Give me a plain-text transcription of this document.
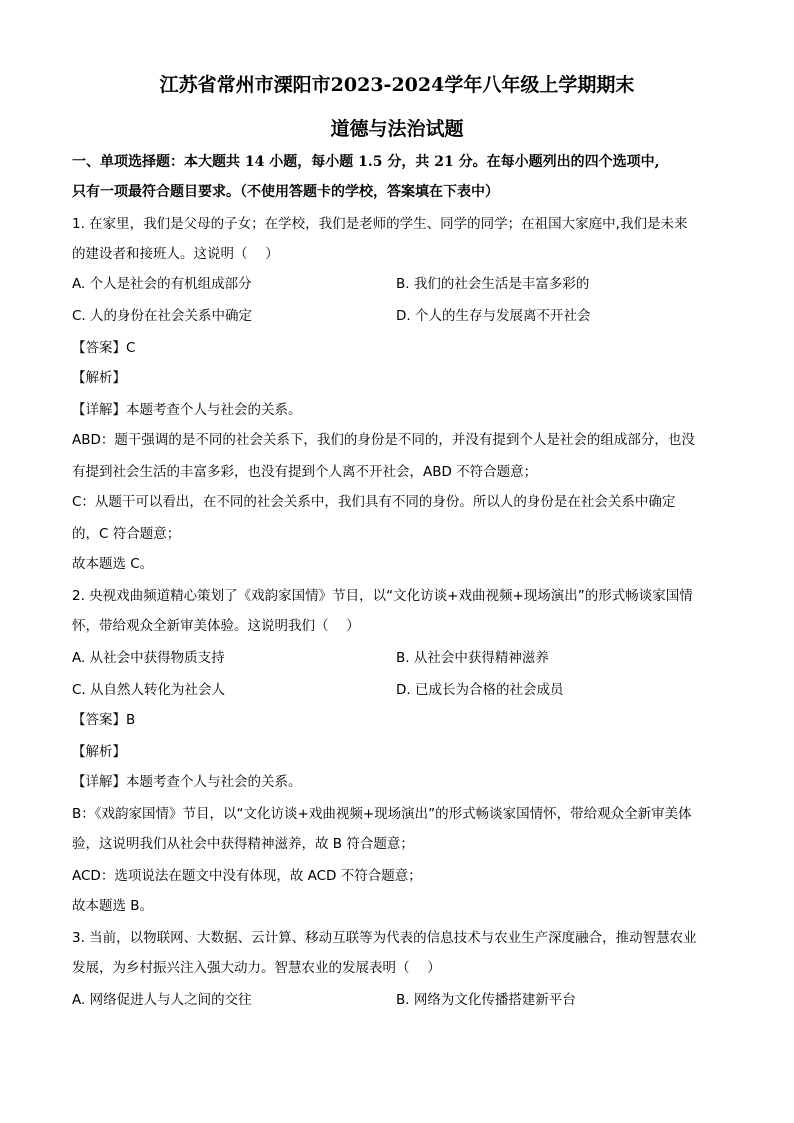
江苏省常州市溧阳市2023-2024学年八年级上学期期末
道德与法治试题
一、单项选择题：本大题共 14 小题，每小题 1.5 分，共 21 分。在每小题列出的四个选项中,
只有一项最符合题目要求。（不使用答题卡的学校，答案填在下表中）
1. 在家里，我们是父母的子女；在学校，我们是老师的学生、同学的同学；在祖国大家庭中,我们是未来
的建设者和接班人。这说明（　 ）
A. 个人是社会的有机组成部分	B. 我们的社会生活是丰富多彩的
C. 人的身份在社会关系中确定	D. 个人的生存与发展离不开社会
【答案】C
【解析】
【详解】本题考查个人与社会的关系。
ABD：题干强调的是不同的社会关系下，我们的身份是不同的，并没有提到个人是社会的组成部分，也没
有提到社会生活的丰富多彩，也没有提到个人离不开社会，ABD 不符合题意；
C：从题干可以看出，在不同的社会关系中，我们具有不同的身份。所以人的身份是在社会关系中确定
的，C 符合题意；
故本题选 C。
2. 央视戏曲频道精心策划了《戏韵家国情》节目，以“文化访谈+戏曲视频+现场演出”的形式畅谈家国情
怀，带给观众全新审美体验。这说明我们（　 ）
A. 从社会中获得物质支持	B. 从社会中获得精神滋养
C. 从自然人转化为社会人	D. 已成长为合格的社会成员
【答案】B
【解析】
【详解】本题考查个人与社会的关系。
B：《戏韵家国情》节目，以“文化访谈+戏曲视频+现场演出”的形式畅谈家国情怀，带给观众全新审美体
验，这说明我们从社会中获得精神滋养，故 B 符合题意；
ACD：选项说法在题文中没有体现，故 ACD 不符合题意；
故本题选 B。
3. 当前，以物联网、大数据、云计算、移动互联等为代表的信息技术与农业生产深度融合，推动智慧农业
发展，为乡村振兴注入强大动力。智慧农业的发展表明（　 ）
A. 网络促进人与人之间的交往	B. 网络为文化传播搭建新平台
